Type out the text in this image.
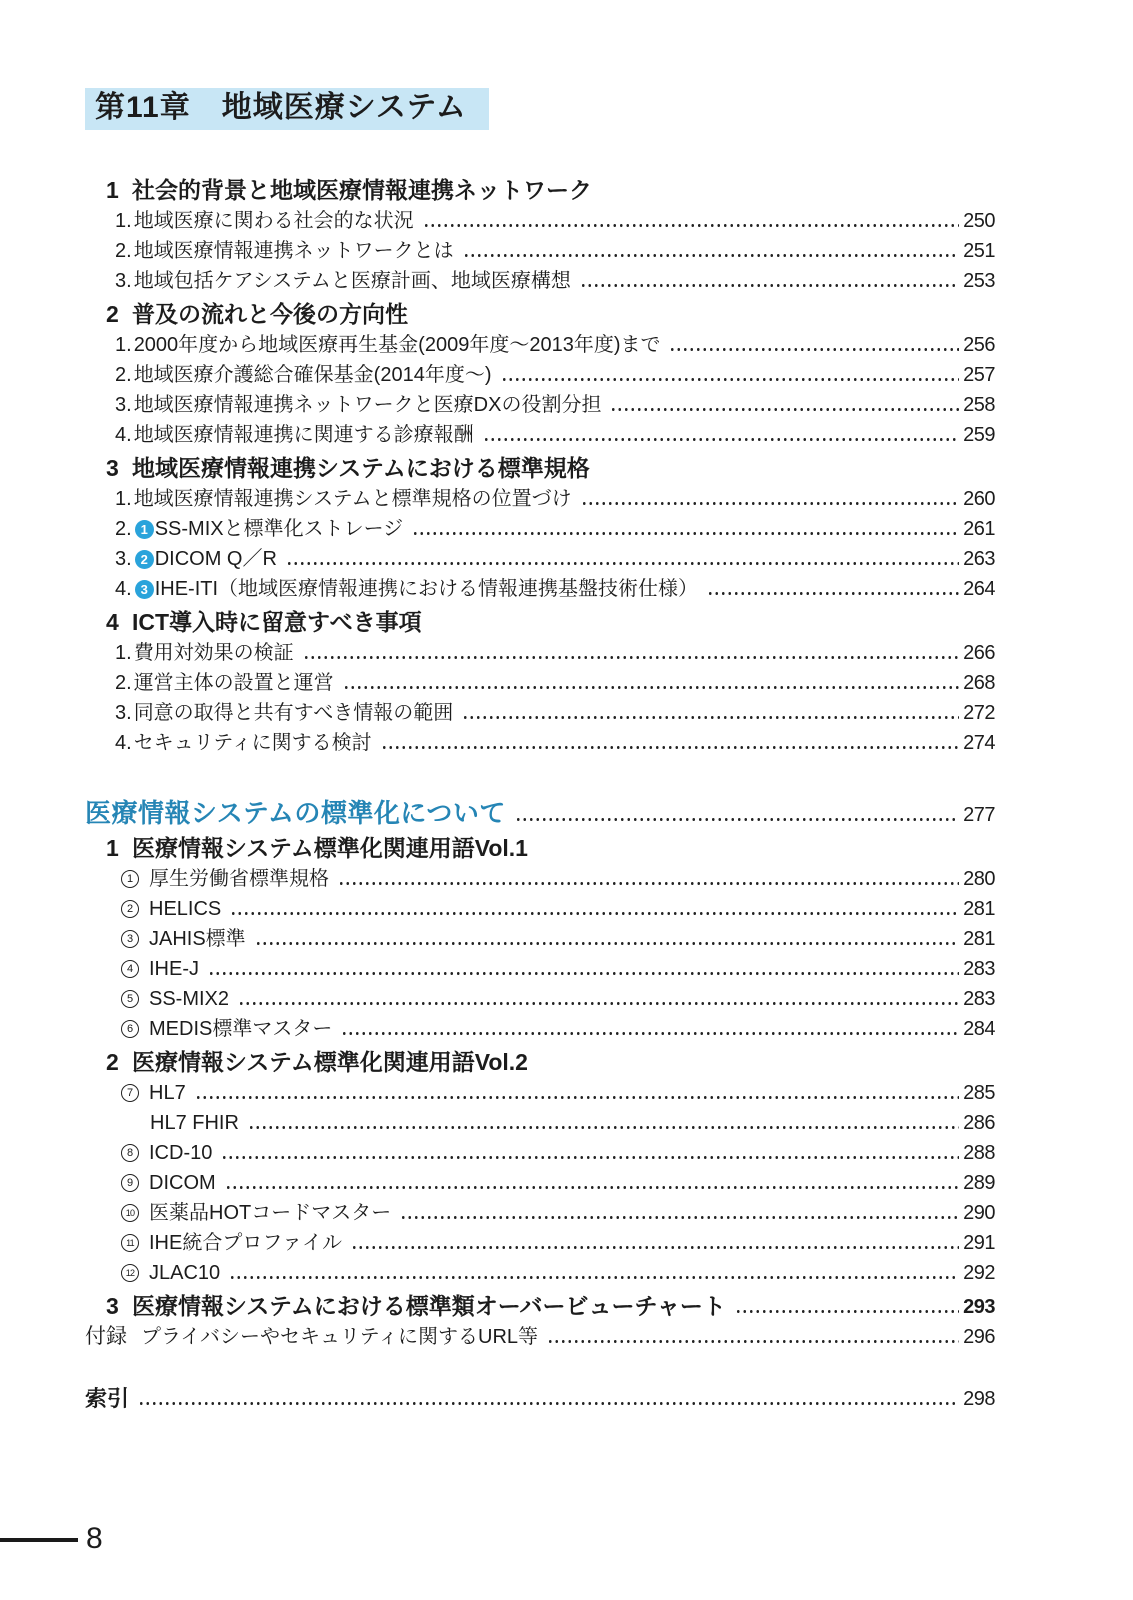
第11章　地域医療システム
1 社会的背景と地域医療情報連携ネットワーク
1. 地域医療に関わる社会的な状況	250
2. 地域医療情報連携ネットワークとは	251
3. 地域包括ケアシステムと医療計画、地域医療構想	253
2 普及の流れと今後の方向性
1. 2000年度から地域医療再生基金(2009年度～2013年度)まで	256
2. 地域医療介護総合確保基金(2014年度～)	257
3. 地域医療情報連携ネットワークと医療DXの役割分担	258
4. 地域医療情報連携に関連する診療報酬	259
3 地域医療情報連携システムにおける標準規格
1. 地域医療情報連携システムと標準規格の位置づけ	260
2. 1 SS-MIXと標準化ストレージ	261
3. 2 DICOM Q／R	263
4. 3 IHE-ITI（地域医療情報連携における情報連携基盤技術仕様）	264
4 ICT導入時に留意すべき事項
1. 費用対効果の検証	266
2. 運営主体の設置と運営	268
3. 同意の取得と共有すべき情報の範囲	272
4. セキュリティに関する検討	274
医療情報システムの標準化について	277
1 医療情報システム標準化関連用語Vol.1
1 厚生労働省標準規格	280
2 HELICS	281
3 JAHIS標準	281
4 IHE-J	283
5 SS-MIX2	283
6 MEDIS標準マスター	284
2 医療情報システム標準化関連用語Vol.2
7 HL7	285
HL7 FHIR	286
8 ICD-10	288
9 DICOM	289
10 医薬品HOTコードマスター	290
11 IHE統合プロファイル	291
12 JLAC10	292
3 医療情報システムにおける標準類オーバービューチャート	293
付録 プライバシーやセキュリティに関するURL等	296
索引	298
8
